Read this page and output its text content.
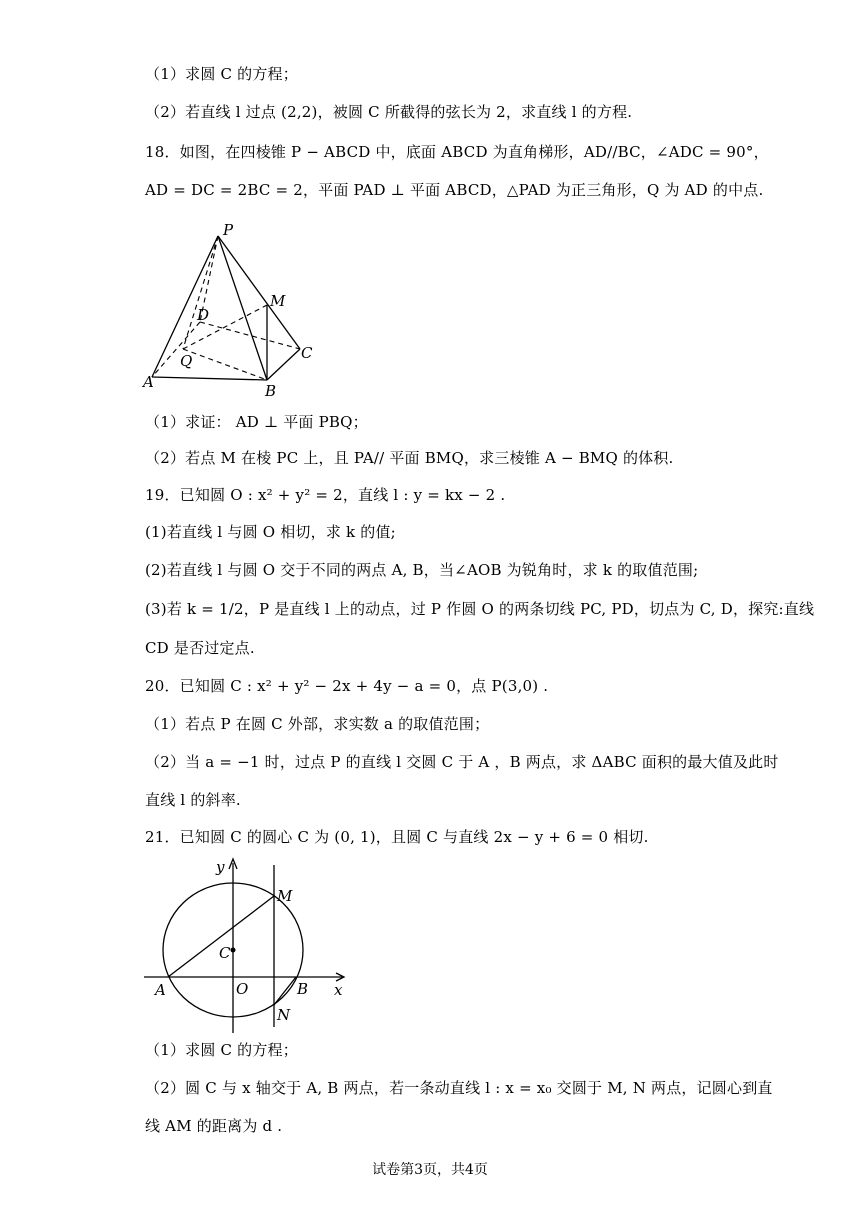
（1）求圆 C 的方程；
（2）若直线 l 过点 (2,2)，被圆 C 所截得的弦长为 2，求直线 l 的方程.
18．如图，在四棱锥 P − ABCD 中，底面 ABCD 为直角梯形，AD//BC，∠ADC = 90°，
AD = DC = 2BC = 2，平面 PAD ⊥ 平面 ABCD，△PAD 为正三角形，Q 为 AD 的中点.
（1）求证： AD ⊥ 平面 PBQ；
（2）若点 M 在棱 PC 上，且 PA// 平面 BMQ，求三棱锥 A − BMQ 的体积.
19．已知圆 O : x² + y² = 2，直线 l : y = kx − 2 .
(1)若直线 l 与圆 O 相切，求 k 的值;
(2)若直线 l 与圆 O 交于不同的两点 A, B，当∠AOB 为锐角时，求 k 的取值范围;
(3)若 k = 1/2，P 是直线 l 上的动点，过 P 作圆 O 的两条切线 PC, PD，切点为 C, D，探究:直线
CD 是否过定点.
20．已知圆 C : x² + y² − 2x + 4y − a = 0，点 P(3,0) .
（1）若点 P 在圆 C 外部，求实数 a 的取值范围；
（2）当 a = −1 时，过点 P 的直线 l 交圆 C 于 A ，B 两点，求 ΔABC 面积的最大值及此时
直线 l 的斜率.
21．已知圆 C 的圆心 C 为 (0, 1)，且圆 C 与直线 2x − y + 6 = 0 相切.
（1）求圆 C 的方程；
（2）圆 C 与 x 轴交于 A, B 两点，若一条动直线 l : x = x₀ 交圆于 M, N 两点，记圆心到直
线 AM 的距离为 d .
P
M
D
C
Q
A	B
y
M
C
A	O	B x
N
试卷第3页，共4页
